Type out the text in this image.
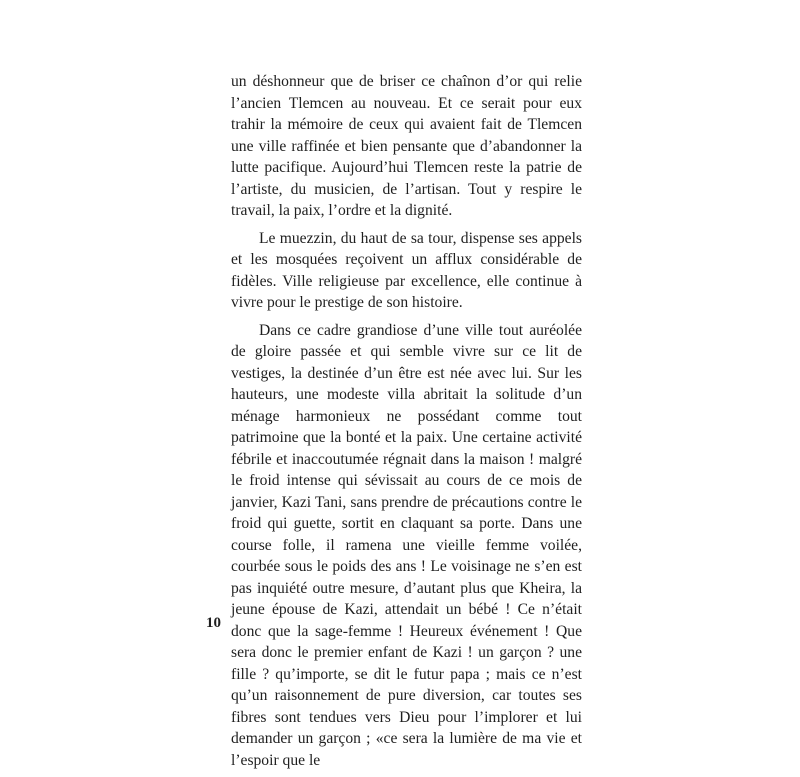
un déshonneur que de briser ce chaînon d’or qui relie l’ancien Tlemcen au nouveau. Et ce serait pour eux trahir la mémoire de ceux qui avaient fait de Tlemcen une ville raffinée et bien pensante que d’abandonner la lutte pacifique. Aujourd’hui Tlemcen reste la patrie de l’artiste, du musicien, de l’artisan. Tout y respire le travail, la paix, l’ordre et la dignité.

Le muezzin, du haut de sa tour, dispense ses appels et les mosquées reçoivent un afflux considérable de fidèles. Ville religieuse par excellence, elle continue à vivre pour le prestige de son histoire.

Dans ce cadre grandiose d’une ville tout auréolée de gloire passée et qui semble vivre sur ce lit de vestiges, la destinée d’un être est née avec lui. Sur les hauteurs, une modeste villa abritait la solitude d’un ménage harmonieux ne possédant comme tout patrimoine que la bonté et la paix. Une certaine activité fébrile et inaccoutumée régnait dans la maison ! malgré le froid intense qui sévissait au cours de ce mois de janvier, Kazi Tani, sans prendre de précautions contre le froid qui guette, sortit en claquant sa porte. Dans une course folle, il ramena une vieille femme voilée, courbée sous le poids des ans ! Le voisinage ne s’en est pas inquiété outre mesure, d’autant plus que Kheira, la jeune épouse de Kazi, attendait un bébé ! Ce n’était donc que la sage-femme ! Heureux événement ! Que sera donc le premier enfant de Kazi ! un garçon ? une fille ? qu’importe, se dit le futur papa ; mais ce n’est qu’un raisonnement de pure diversion, car toutes ses fibres sont tendues vers Dieu pour l’implorer et lui demander un garçon ; «ce sera la lumière de ma vie et l’espoir que le

10
